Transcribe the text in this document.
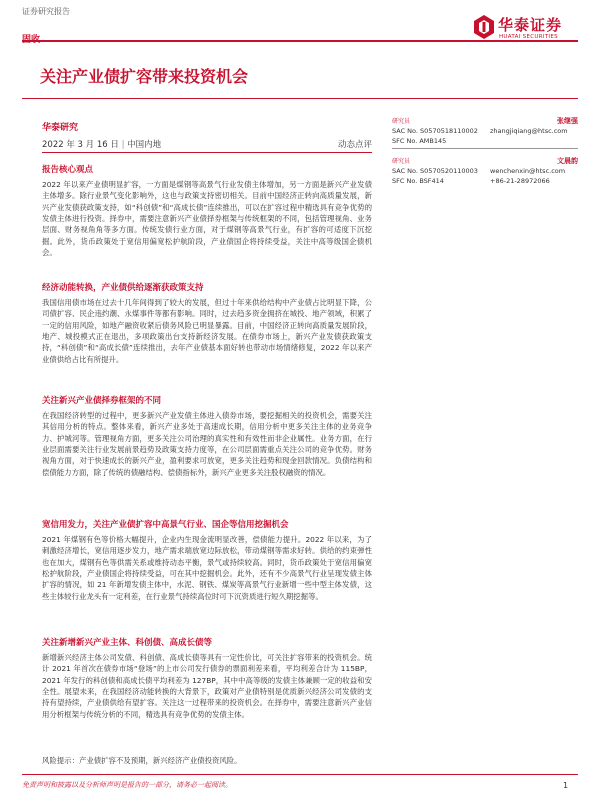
证券研究报告
华泰证券
HUATAI SECURITIES
关注产业债扩容带来投资机会
华泰研究
2022 年 3 月 16 日 | 中国内地	动态点评
研究员	张继强
SAC No. S0570518110002 zhangjiqiang@htsc.com
SFC No. AMB145
研究员	文晨韵
SAC No. S0570520110003 wenchenxin@htsc.com
SFC No. BSF414	+86-21-28972066
报告核心观点

2022 年以来产业债明显扩容，一方面是煤钢等高景气行业发债主体增加，另一方面是新兴产业发债主体增多。除行业景气变化影响外，这也与政策支持密切相关。目前中国经济正转向高质量发展，新兴产业发债获政策支持，如“科创债”和“高成长债”连续推出，可以在扩容过程中精选具有竞争优势的发债主体进行投资。择券中，需要注意新兴产业债择券框架与传统框架的不同，包括管理视角、业务层面、财务视角角等多方面。传统发债行业方面，对于煤钢等高景气行业，有扩容的可适度下沉挖掘。此外，货币政策处于宽信用偏宽松护航阶段，产业债国企将持续受益，关注中高等级国企债机会。

经济动能转换，产业债供给逐渐获政策支持

我国信用债市场在过去十几年间得到了较大的发展，但过十年来供给结构中产业债占比明显下降，公司债扩容、民企违约潮、永煤事件等都有影响。同时，过去趋多资金拥挤在城投、地产领域，积累了一定的信用风险，如地产融资收紧后债务风险已明显暴露。目前，中国经济正转向高质量发展阶段，地产、城投模式正在退出，多项政策出台支持新经济发展。在债券市场上，新兴产业发债获政策支持，“科创债”和“高成长债”连续推出，去年产业债基本面好转也带动市场情绪修复，2022 年以来产业债供给占比有所提升。

关注新兴产业债择券框架的不同

在我国经济转型的过程中，更多新兴产业发债主体进入债券市场，要挖掘相关的投资机会，需要关注其信用分析的特点。整体来看，新兴产业多处于高速成长期，信用分析中更多关注主体的业务竞争力、护城河等。管理视角方面，更多关注公司治理的真实性和有效性而非企业属性。业务方面，在行业层面需要关注行业发展前景趋势及政策支持力度等，在公司层面需重点关注公司的竞争优势。财务视角方面，对于快速成长的新兴产业，盈利要求可放宽，更多关注趋势和现金回款情况。负债结构和偿债能力方面，除了传统的债融结构、偿债指标外，新兴产业更多关注股权融资的情况。

宽信用发力，关注产业债扩容中高景气行业、国企等信用挖掘机会

2021 年煤钢有色等价格大幅提升，企业内生现金流明显改善，偿债能力提升。2022 年以来，为了刺激经济增长，宽信用逐步发力，地产需求端放宽边际放松，带动煤钢等需求好转。供给的约束弹性也在加大，煤钢有色等供需关系或维持动态平衡，景气或持续较高。同时，货币政策处于宽信用偏宽松护航阶段，产业债国企将持续受益，可在其中挖掘机会。此外，还有不少高景气行业呈现发债主体扩容的情况，如 21 年新增发债主体中，水泥、钢铁、煤炭等高景气行业新增一些中型主体发债，这些主体较行业龙头有一定利差，在行业景气持续高位时可下沉资质进行短久期挖掘等。

关注新增新兴产业主体、科创债、高成长债等

新增新兴经济主体公司发债、科创债、高成长债等具有一定性价比，可关注扩容带来的投资机会。统计 2021 年首次在债券市场“登场”的上市公司发行债券的票面利差来看，平均利差合计为 115BP，2021 年发行的科创债和高成长债平均利差为 127BP，其中中高等级的发债主体兼顾一定的收益和安全性。展望未来，在我国经济动能转换的大背景下，政策对产业债特别是优质新兴经济公司发债的支持有望持续，产业债供给有望扩容。关注这一过程带来的投资机会。在择券中，需要注意新兴产业信用分析框架与传统分析的不同，精选具有竞争优势的发债主体。

风险提示：产业债扩容不及预期，新兴经济产业债投资风险。
免责声明和披露以及分析师声明是报告的一部分，请务必一起阅读。	1
